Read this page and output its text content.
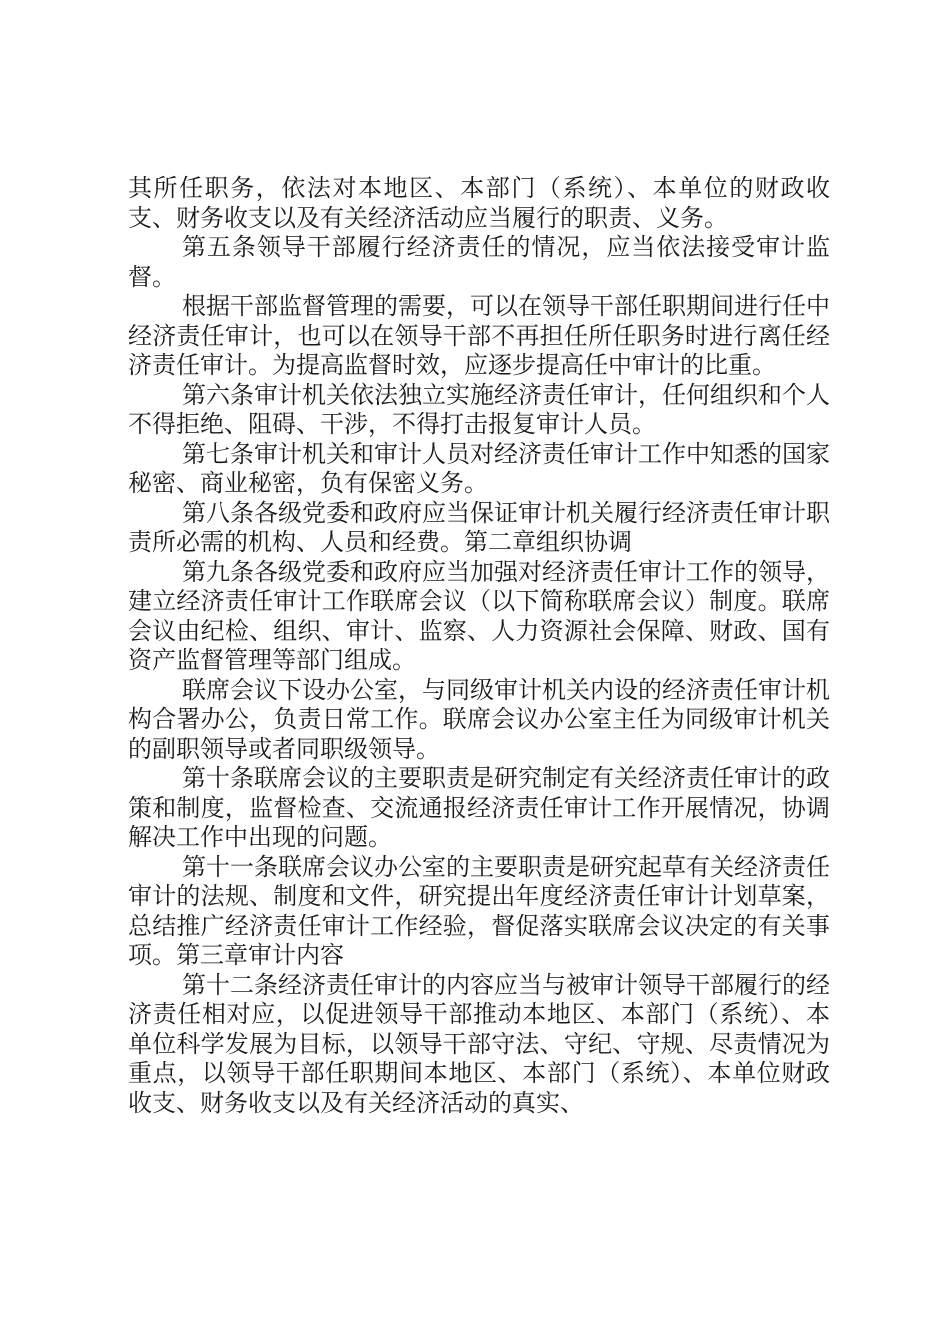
其所任职务，依法对本地区、本部门（系统）、本单位的财政收支、财务收支以及有关经济活动应当履行的职责、义务。

第五条领导干部履行经济责任的情况，应当依法接受审计监督。

根据干部监督管理的需要，可以在领导干部任职期间进行任中经济责任审计，也可以在领导干部不再担任所任职务时进行离任经济责任审计。为提高监督时效，应逐步提高任中审计的比重。

第六条审计机关依法独立实施经济责任审计，任何组织和个人不得拒绝、阻碍、干涉，不得打击报复审计人员。

第七条审计机关和审计人员对经济责任审计工作中知悉的国家秘密、商业秘密，负有保密义务。

第八条各级党委和政府应当保证审计机关履行经济责任审计职责所必需的机构、人员和经费。第二章组织协调

第九条各级党委和政府应当加强对经济责任审计工作的领导，建立经济责任审计工作联席会议（以下简称联席会议）制度。联席会议由纪检、组织、审计、监察、人力资源社会保障、财政、国有资产监督管理等部门组成。

联席会议下设办公室，与同级审计机关内设的经济责任审计机构合署办公，负责日常工作。联席会议办公室主任为同级审计机关的副职领导或者同职级领导。

第十条联席会议的主要职责是研究制定有关经济责任审计的政策和制度，监督检查、交流通报经济责任审计工作开展情况，协调解决工作中出现的问题。

第十一条联席会议办公室的主要职责是研究起草有关经济责任审计的法规、制度和文件，研究提出年度经济责任审计计划草案，总结推广经济责任审计工作经验，督促落实联席会议决定的有关事项。第三章审计内容

第十二条经济责任审计的内容应当与被审计领导干部履行的经济责任相对应，以促进领导干部推动本地区、本部门（系统）、本单位科学发展为目标，以领导干部守法、守纪、守规、尽责情况为重点，以领导干部任职期间本地区、本部门（系统）、本单位财政收支、财务收支以及有关经济活动的真实、
